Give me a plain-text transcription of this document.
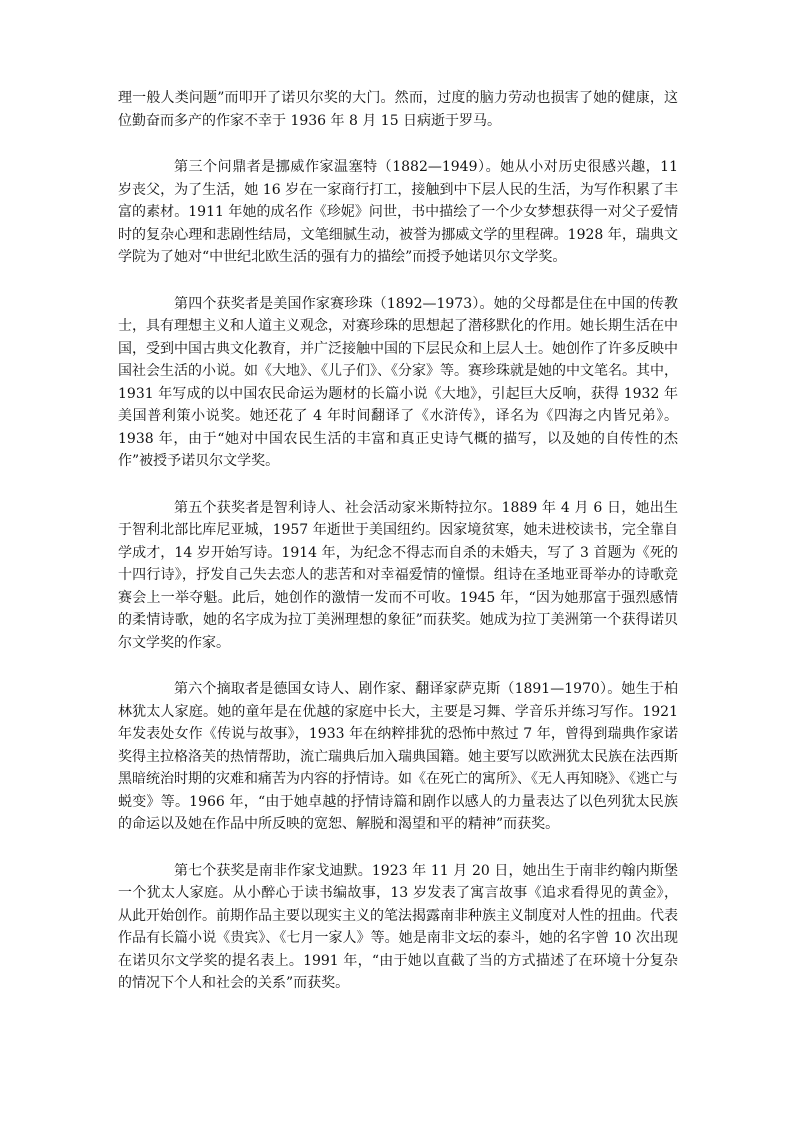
理一般人类问题”而叩开了诺贝尔奖的大门。然而，过度的脑力劳动也损害了她的健康，这位勤奋而多产的作家不幸于 1936 年 8 月 15 日病逝于罗马。

第三个问鼎者是挪威作家温塞特（1882—1949）。她从小对历史很感兴趣，11 岁丧父，为了生活，她 16 岁在一家商行打工，接触到中下层人民的生活，为写作积累了丰富的素材。1911 年她的成名作《珍妮》问世，书中描绘了一个少女梦想获得一对父子爱情时的复杂心理和悲剧性结局，文笔细腻生动，被誉为挪威文学的里程碑。1928 年，瑞典文学院为了她对“中世纪北欧生活的强有力的描绘”而授予她诺贝尔文学奖。

第四个获奖者是美国作家赛珍珠（1892—1973）。她的父母都是住在中国的传教士，具有理想主义和人道主义观念，对赛珍珠的思想起了潜移默化的作用。她长期生活在中国，受到中国古典文化教育，并广泛接触中国的下层民众和上层人士。她创作了许多反映中国社会生活的小说。如《大地》、《儿子们》、《分家》等。赛珍珠就是她的中文笔名。其中，1931 年写成的以中国农民命运为题材的长篇小说《大地》，引起巨大反响，获得 1932 年美国普利策小说奖。她还花了 4 年时间翻译了《水浒传》，译名为《四海之内皆兄弟》。1938 年，由于“她对中国农民生活的丰富和真正史诗气概的描写，以及她的自传性的杰作”被授予诺贝尔文学奖。

第五个获奖者是智利诗人、社会活动家米斯特拉尔。1889 年 4 月 6 日，她出生于智利北部比库尼亚城，1957 年逝世于美国纽约。因家境贫寒，她未进校读书，完全靠自学成才，14 岁开始写诗。1914 年，为纪念不得志而自杀的未婚夫，写了 3 首题为《死的十四行诗》，抒发自己失去恋人的悲苦和对幸福爱情的憧憬。组诗在圣地亚哥举办的诗歌竞赛会上一举夺魁。此后，她创作的激情一发而不可收。1945 年，“因为她那富于强烈感情的柔情诗歌，她的名字成为拉丁美洲理想的象征”而获奖。她成为拉丁美洲第一个获得诺贝尔文学奖的作家。

第六个摘取者是德国女诗人、剧作家、翻译家萨克斯（1891—1970）。她生于柏林犹太人家庭。她的童年是在优越的家庭中长大，主要是习舞、学音乐并练习写作。1921 年发表处女作《传说与故事》，1933 年在纳粹排犹的恐怖中熬过 7 年，曾得到瑞典作家诺奖得主拉格洛芙的热情帮助，流亡瑞典后加入瑞典国籍。她主要写以欧洲犹太民族在法西斯黑暗统治时期的灾难和痛苦为内容的抒情诗。如《在死亡的寓所》、《无人再知晓》、《逃亡与蜕变》等。1966 年，“由于她卓越的抒情诗篇和剧作以感人的力量表达了以色列犹太民族的命运以及她在作品中所反映的宽恕、解脱和渴望和平的精神”而获奖。

第七个获奖是南非作家戈迪默。1923 年 11 月 20 日，她出生于南非约翰内斯堡一个犹太人家庭。从小醉心于读书编故事，13 岁发表了寓言故事《追求看得见的黄金》，从此开始创作。前期作品主要以现实主义的笔法揭露南非种族主义制度对人性的扭曲。代表作品有长篇小说《贵宾》、《七月一家人》等。她是南非文坛的泰斗，她的名字曾 10 次出现在诺贝尔文学奖的提名表上。1991 年，“由于她以直截了当的方式描述了在环境十分复杂的情况下个人和社会的关系”而获奖。
